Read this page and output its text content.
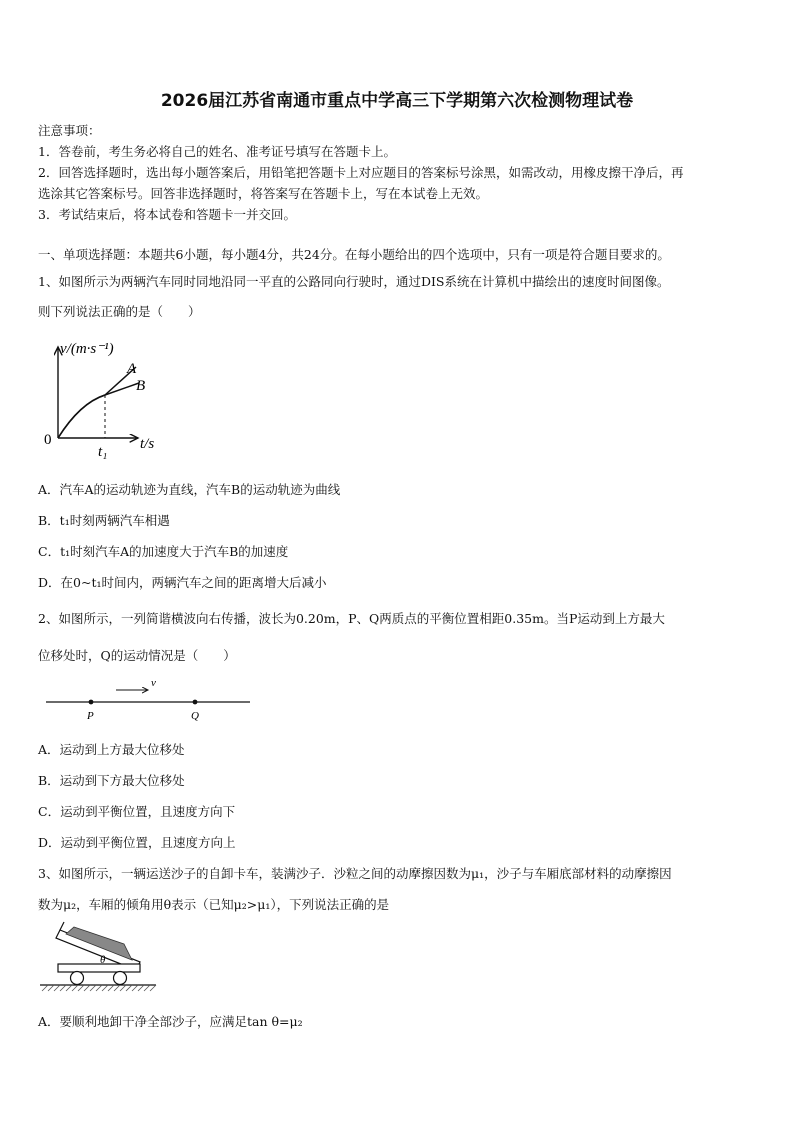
2026届江苏省南通市重点中学高三下学期第六次检测物理试卷
注意事项：
1．答卷前，考生务必将自己的姓名、准考证号填写在答题卡上。
2．回答选择题时，选出每小题答案后，用铅笔把答题卡上对应题目的答案标号涂黑，如需改动，用橡皮擦干净后，再
选涂其它答案标号。回答非选择题时，将答案写在答题卡上，写在本试卷上无效。
3．考试结束后，将本试卷和答题卡一并交回。
一、单项选择题：本题共6小题，每小题4分，共24分。在每小题给出的四个选项中，只有一项是符合题目要求的。
1、如图所示为两辆汽车同时同地沿同一平直的公路同向行驶时，通过DIS系统在计算机中描绘出的速度时间图像。
则下列说法正确的是（　　）
v/(m·s⁻¹)
A
B
0
t₁ t/s
A．汽车A的运动轨迹为直线，汽车B的运动轨迹为曲线
B．t₁时刻两辆汽车相遇
C．t₁时刻汽车A的加速度大于汽车B的加速度
D．在0~t₁时间内，两辆汽车之间的距离增大后减小
2、如图所示，一列简谐横波向右传播，波长为0.20m，P、Q两质点的平衡位置相距0.35m。当P运动到上方最大
位移处时，Q的运动情况是（　　）
v
P	Q
A．运动到上方最大位移处
B．运动到下方最大位移处
C．运动到平衡位置，且速度方向下
D．运动到平衡位置，且速度方向上
3、如图所示，一辆运送沙子的自卸卡车，装满沙子．沙粒之间的动摩擦因数为μ₁，沙子与车厢底部材料的动摩擦因
数为μ₂，车厢的倾角用θ表示（已知μ₂>μ₁），下列说法正确的是
θ
A．要顺利地卸干净全部沙子，应满足tan θ=μ₂
